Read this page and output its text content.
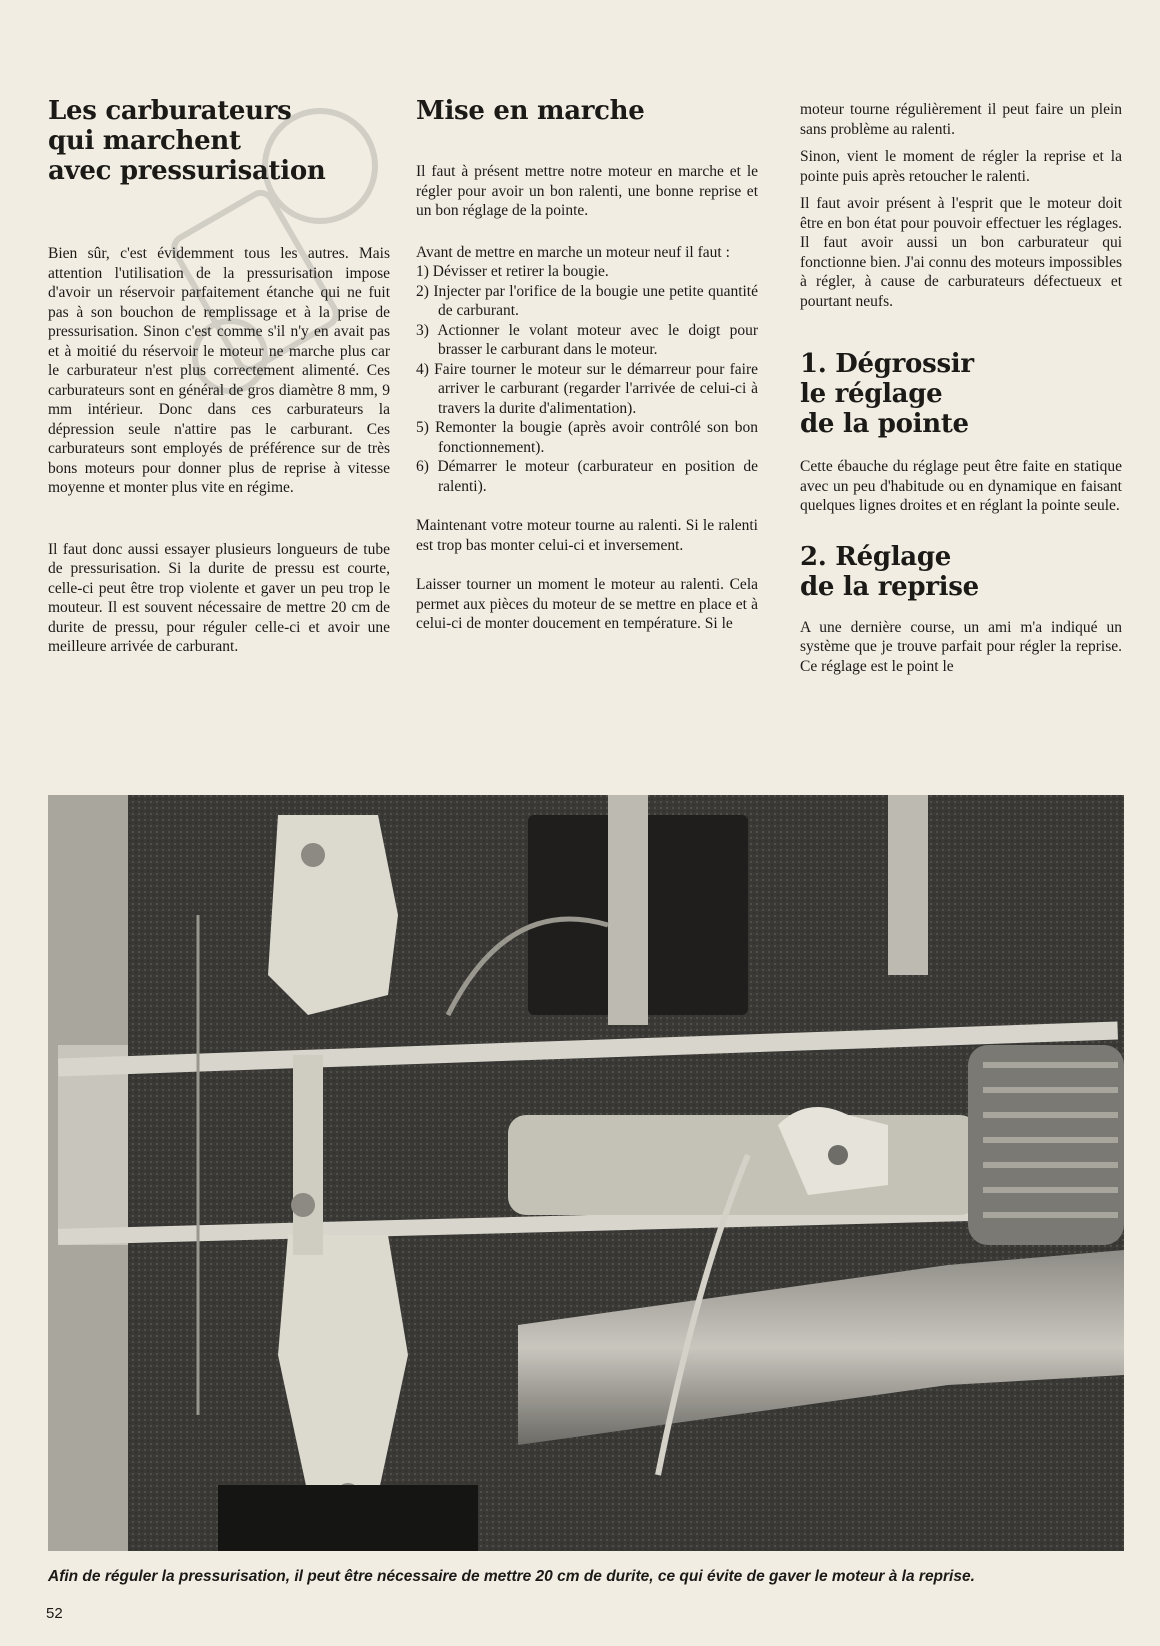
Les carburateurs
qui marchent
avec pressurisation

Bien sûr, c'est évidemment tous les autres. Mais attention l'utilisation de la pressurisation impose d'avoir un réservoir parfaitement étanche qui ne fuit pas à son bouchon de remplissage et à la prise de pressurisation. Sinon c'est comme s'il n'y en avait pas et à moitié du réservoir le moteur ne marche plus car le carburateur n'est plus correctement alimenté. Ces carburateurs sont en général de gros diamètre 8 mm, 9 mm intérieur. Donc dans ces carburateurs la dépression seule n'attire pas le carburant. Ces carburateurs sont employés de préférence sur de très bons moteurs pour donner plus de reprise à vitesse moyenne et monter plus vite en régime.

Il faut donc aussi essayer plusieurs longueurs de tube de pressurisation. Si la durite de pressu est courte, celle-ci peut être trop violente et gaver un peu trop le mouteur. Il est souvent nécessaire de mettre 20 cm de durite de pressu, pour réguler celle-ci et avoir une meilleure arrivée de carburant.

Mise en marche

Il faut à présent mettre notre moteur en marche et le régler pour avoir un bon ralenti, une bonne reprise et un bon réglage de la pointe.

Avant de mettre en marche un moteur neuf il faut :

1) Dévisser et retirer la bougie.
2) Injecter par l'orifice de la bougie une petite quantité de carburant.
3) Actionner le volant moteur avec le doigt pour brasser le carburant dans le moteur.
4) Faire tourner le moteur sur le démarreur pour faire arriver le carburant (regarder l'arrivée de celui-ci à travers la durite d'alimentation).
5) Remonter la bougie (après avoir contrôlé son bon fonctionnement).
6) Démarrer le moteur (carburateur en position de ralenti).

Maintenant votre moteur tourne au ralenti. Si le ralenti est trop bas monter celui-ci et inversement.

Laisser tourner un moment le moteur au ralenti. Cela permet aux pièces du moteur de se mettre en place et à celui-ci de monter doucement en température. Si le

moteur tourne régulièrement il peut faire un plein sans problème au ralenti.

Sinon, vient le moment de régler la reprise et la pointe puis après retoucher le ralenti.

Il faut avoir présent à l'esprit que le moteur doit être en bon état pour pouvoir effectuer les réglages. Il faut avoir aussi un bon carburateur qui fonctionne bien. J'ai connu des moteurs impossibles à régler, à cause de carburateurs défectueux et pourtant neufs.

1. Dégrossir
le réglage
de la pointe

Cette ébauche du réglage peut être faite en statique avec un peu d'habitude ou en dynamique en faisant quelques lignes droites et en réglant la pointe seule.

2. Réglage
de la reprise

A une dernière course, un ami m'a indiqué un système que je trouve parfait pour régler la reprise. Ce réglage est le point le

Afin de réguler la pressurisation, il peut être nécessaire de mettre 20 cm de durite, ce qui évite de gaver le moteur à la reprise.
52
